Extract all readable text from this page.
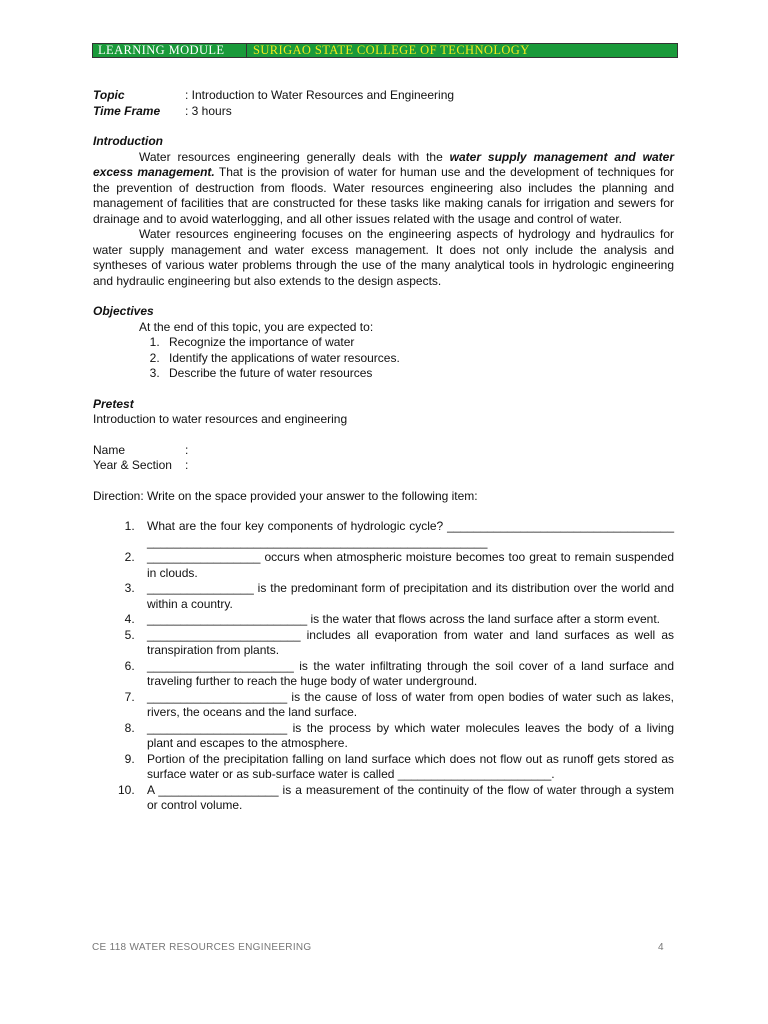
LEARNING MODULE	SURIGAO STATE COLLEGE OF TECHNOLOGY
Topic	: Introduction to Water Resources and Engineering
Time Frame	: 3 hours
Introduction

Water resources engineering generally deals with the water supply management and water excess management. That is the provision of water for human use and the development of techniques for the prevention of destruction from floods. Water resources engineering also includes the planning and management of facilities that are constructed for these tasks like making canals for irrigation and sewers for drainage and to avoid waterlogging, and all other issues related with the usage and control of water.

Water resources engineering focuses on the engineering aspects of hydrology and hydraulics for water supply management and water excess management. It does not only include the analysis and syntheses of various water problems through the use of the many analytical tools in hydrologic engineering and hydraulic engineering but also extends to the design aspects.

Objectives
At the end of this topic, you are expected to:
1. Recognize the importance of water
2. Identify the applications of water resources.
3. Describe the future of water resources
Pretest
Introduction to water resources and engineering
Name	:
Year & Section	:
Direction: Write on the space provided your answer to the following item:
1. What are the four key components of hydrologic cycle? _____________________________________________________________________________________
2. _________________ occurs when atmospheric moisture becomes too great to remain suspended in clouds.
3. ________________ is the predominant form of precipitation and its distribution over the world and within a country.
4. ________________________ is the water that flows across the land surface after a storm event.
5. _______________________ includes all evaporation from water and land surfaces as well as transpiration from plants.
6. ______________________ is the water infiltrating through the soil cover of a land surface and traveling further to reach the huge body of water underground.
7. _____________________ is the cause of loss of water from open bodies of water such as lakes, rivers, the oceans and the land surface.
8. _____________________ is the process by which water molecules leaves the body of a living plant and escapes to the atmosphere.
9. Portion of the precipitation falling on land surface which does not flow out as runoff gets stored as surface water or as sub-surface water is called _______________________.
10. A __________________ is a measurement of the continuity of the flow of water through a system or control volume.
CE 118 WATER RESOURCES ENGINEERING	4
